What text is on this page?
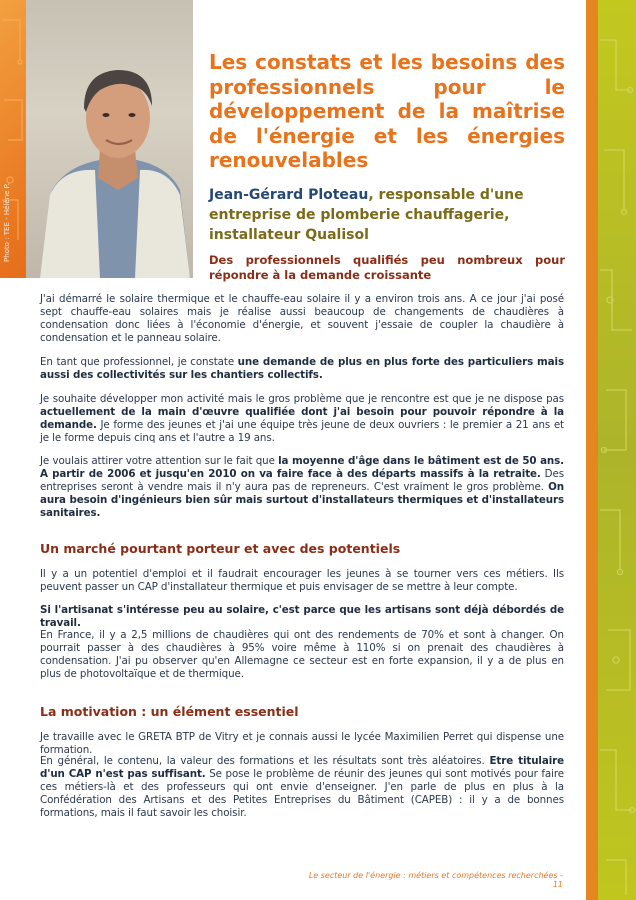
Photo : TEE - Hélène P.
Les constats et les besoins des professionnels pour le développement de la maîtrise de l'énergie et les énergies renouvelables

Jean-Gérard Ploteau, responsable d'une entreprise de plomberie chauffagerie, installateur Qualisol

Des professionnels qualifiés peu nombreux pour répondre à la demande croissante

J'ai démarré le solaire thermique et le chauffe-eau solaire il y a environ trois ans. A ce jour j'ai posé sept chauffe-eau solaires mais je réalise aussi beaucoup de changements de chaudières à condensation donc liées à l'économie d'énergie, et souvent j'essaie de coupler la chaudière à condensation et le panneau solaire.

En tant que professionnel, je constate une demande de plus en plus forte des particuliers mais aussi des collectivités sur les chantiers collectifs.

Je souhaite développer mon activité mais le gros problème que je rencontre est que je ne dispose pas actuellement de la main d'œuvre qualifiée dont j'ai besoin pour pouvoir répondre à la demande. Je forme des jeunes et j'ai une équipe très jeune de deux ouvriers : le premier a 21 ans et je le forme depuis cinq ans et l'autre a 19 ans.

Je voulais attirer votre attention sur le fait que la moyenne d'âge dans le bâtiment est de 50 ans. A partir de 2006 et jusqu'en 2010 on va faire face à des départs massifs à la retraite. Des entreprises seront à vendre mais il n'y aura pas de repreneurs. C'est vraiment le gros problème. On aura besoin d'ingénieurs bien sûr mais surtout d'installateurs thermiques et d'installateurs sanitaires.

Un marché pourtant porteur et avec des potentiels

Il y a un potentiel d'emploi et il faudrait encourager les jeunes à se tourner vers ces métiers. Ils peuvent passer un CAP d'installateur thermique et puis envisager de se mettre à leur compte.

Si l'artisanat s'intéresse peu au solaire, c'est parce que les artisans sont déjà débordés de travail.

En France, il y a 2,5 millions de chaudières qui ont des rendements de 70% et sont à changer. On pourrait passer à des chaudières à 95% voire même à 110% si on prenait des chaudières à condensation. J'ai pu observer qu'en Allemagne ce secteur est en forte expansion, il y a de plus en plus de photovoltaïque et de thermique.

La motivation : un élément essentiel

Je travaille avec le GRETA BTP de Vitry et je connais aussi le lycée Maximilien Perret qui dispense une formation.

En général, le contenu, la valeur des formations et les résultats sont très aléatoires. Etre titulaire d'un CAP n'est pas suffisant. Se pose le problème de réunir des jeunes qui sont motivés pour faire ces métiers-là et des professeurs qui ont envie d'enseigner. J'en parle de plus en plus à la Confédération des Artisans et des Petites Entreprises du Bâtiment (CAPEB) : il y a de bonnes formations, mais il faut savoir les choisir.

Le secteur de l'énergie : métiers et compétences recherchées - 11
